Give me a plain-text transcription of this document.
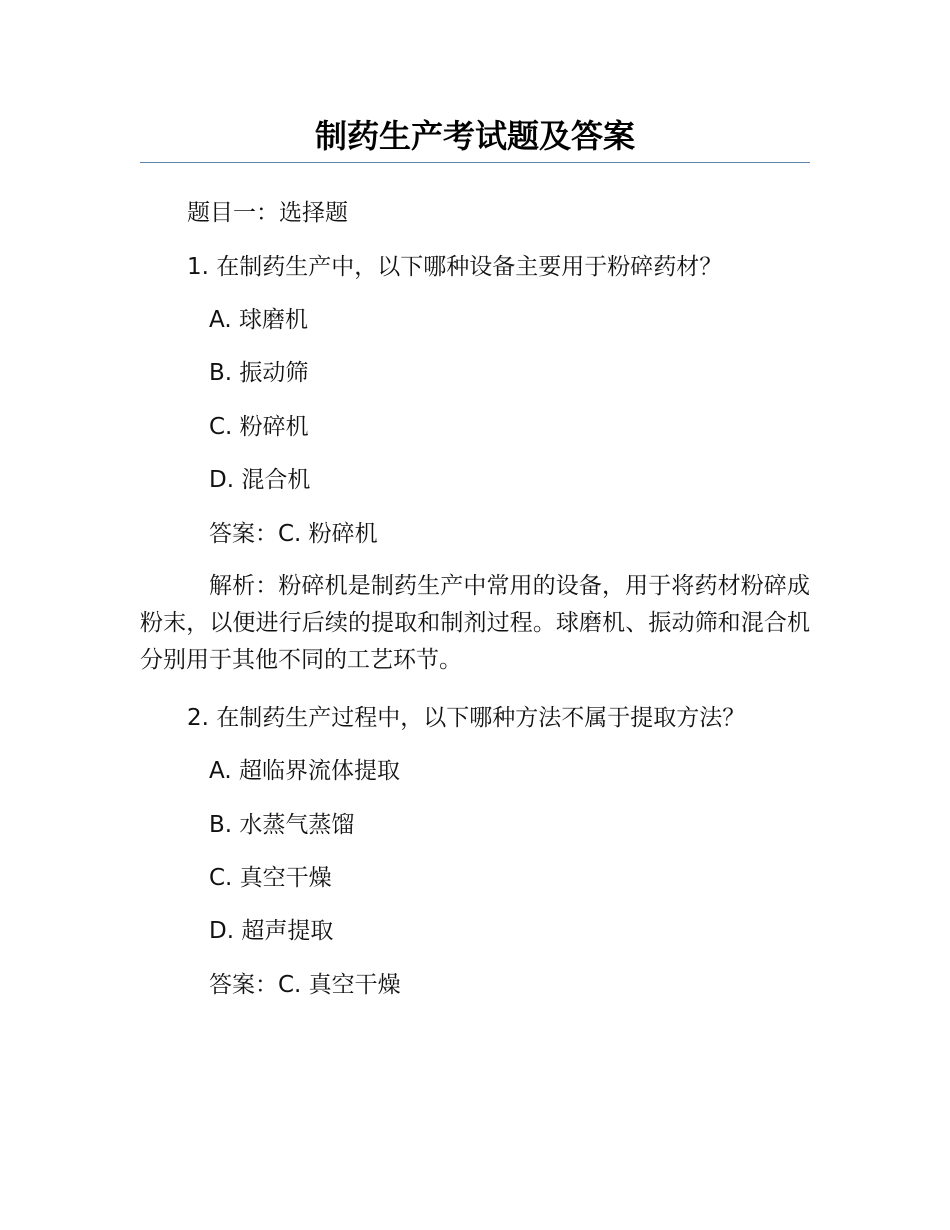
制药生产考试题及答案
题目一：选择题
1. 在制药生产中，以下哪种设备主要用于粉碎药材？
A. 球磨机
B. 振动筛
C. 粉碎机
D. 混合机
答案：C. 粉碎机

解析：粉碎机是制药生产中常用的设备，用于将药材粉碎成粉末，以便进行后续的提取和制剂过程。球磨机、振动筛和混合机分别用于其他不同的工艺环节。

2. 在制药生产过程中，以下哪种方法不属于提取方法？
A. 超临界流体提取
B. 水蒸气蒸馏
C. 真空干燥
D. 超声提取
答案：C. 真空干燥
